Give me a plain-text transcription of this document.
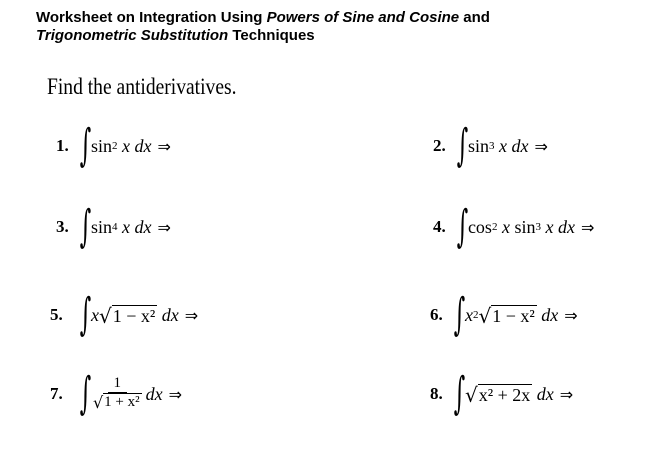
Worksheet on Integration Using Powers of Sine and Cosine and
Trigonometric Substitution Techniques
Find the antiderivatives.
1. ∫ sin 2
x
dx ⇒	2. ∫ sin 3
x
dx ⇒
3. ∫ sin 4
x
dx ⇒	4. ∫ cos 2
x
sin 3
x
dx ⇒
5. ∫ x √ 1 − x²
dx ⇒	6. ∫ x 2 √ 1 − x²
dx ⇒
7. ∫ $\frac{1}{\text{√ 1 + x²}}$ dx ⇒	8. ∫ √ x² + 2x
dx ⇒
